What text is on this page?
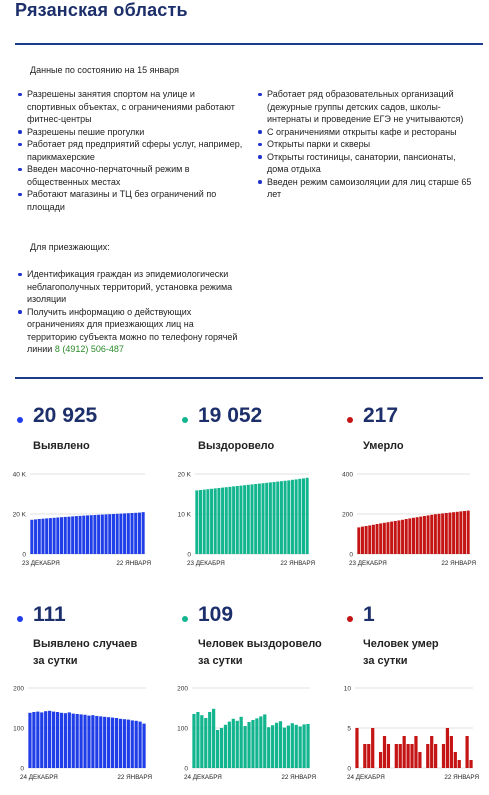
Рязанская область
Данные по состоянию на 15 января
Разрешены занятия спортом на улице и спортивных объектах, с ограничениями работают фитнес-центры
Разрешены пешие прогулки
Работает ряд предприятий сферы услуг, например, парикмахерские
Введен масочно-перчаточный режим в общественных местах
Работают магазины и ТЦ без ограничений по площади
Работает ряд образовательных организаций (дежурные группы детских садов, школы-интернаты и проведение ЕГЭ не учитываются)
С ограничениями открыты кафе и рестораны
Открыты парки и скверы
Открыты гостиницы, санатории, пансионаты, дома отдыха
Введен режим самоизоляции для лиц старше 65 лет
Для приезжающих:
Идентификация граждан из эпидемиологически неблагополучных территорий, установка режима изоляции
Получить информацию о действующих ограничениях для приезжающих лиц на территорию субъекта можно по телефону горячей линии 8 (4912) 506-487
20 925
Выявлено
19 052
Выздоровело
217
Умерло
111
Выявлено случаев
за сутки
109
Человек выздоровело
за сутки
1
Человек умер
за сутки
0
20 K
40 K
23 ДЕКАБРЯ	22 ЯНВАРЯ
0
10 K
20 K
23 ДЕКАБРЯ	22 ЯНВАРЯ
0
200
400
23 ДЕКАБРЯ	22 ЯНВАРЯ
0
100
200
24 ДЕКАБРЯ	22 ЯНВАРЯ
0
100
200
24 ДЕКАБРЯ	22 ЯНВАРЯ
0
5
10
24 ДЕКАБРЯ	22 ЯНВАРЯ
